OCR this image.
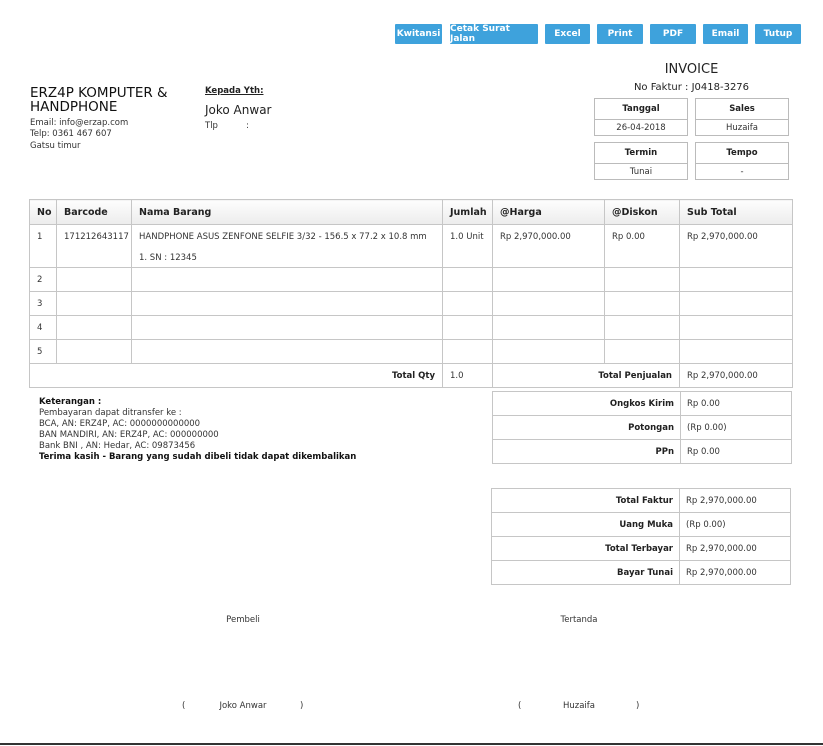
Kwitansi Cetak Surat Jalan	Excel	Print	PDF	Email	Tutup
ERZ4P KOMPUTER & HANDPHONE
Email: info@erzap.com
Telp: 0361 467 607
Gatsu timur
Kepada Yth:
Joko Anwar
Tlp	:
INVOICE
No Faktur : J0418-3276
Tanggal
26-04-2018
Sales
Huzaifa
Termin
Tunai
Tempo
-
No	Barcode	Nama Barang	Jumlah	@Harga	@Diskon	Sub Total
1	171212643117	HANDPHONE ASUS ZENFONE SELFIE 3/32 - 156.5 x 77.2 x 10.8 mm
1. SN : 12345	1.0 Unit	Rp 2,970,000.00	Rp 0.00	Rp 2,970,000.00
2						
3						
4						
5						
Total Qty			1.0	Total Penjualan		Rp 2,970,000.00
Ongkos Kirim	Rp 0.00
Potongan	(Rp 0.00)
PPn	Rp 0.00
Keterangan :
Pembayaran dapat ditransfer ke :
BCA, AN: ERZ4P, AC: 0000000000000
BAN MANDIRI, AN: ERZ4P, AC: 000000000
Bank BNI , AN: Hedar, AC: 09873456
Terima kasih - Barang yang sudah dibeli tidak dapat dikembalikan
Total Faktur	Rp 2,970,000.00
Uang Muka	(Rp 0.00)
Total Terbayar	Rp 2,970,000.00
Bayar Tunai	Rp 2,970,000.00
Pembeli
(	Joko Anwar	)
Tertanda
(	Huzaifa	)
